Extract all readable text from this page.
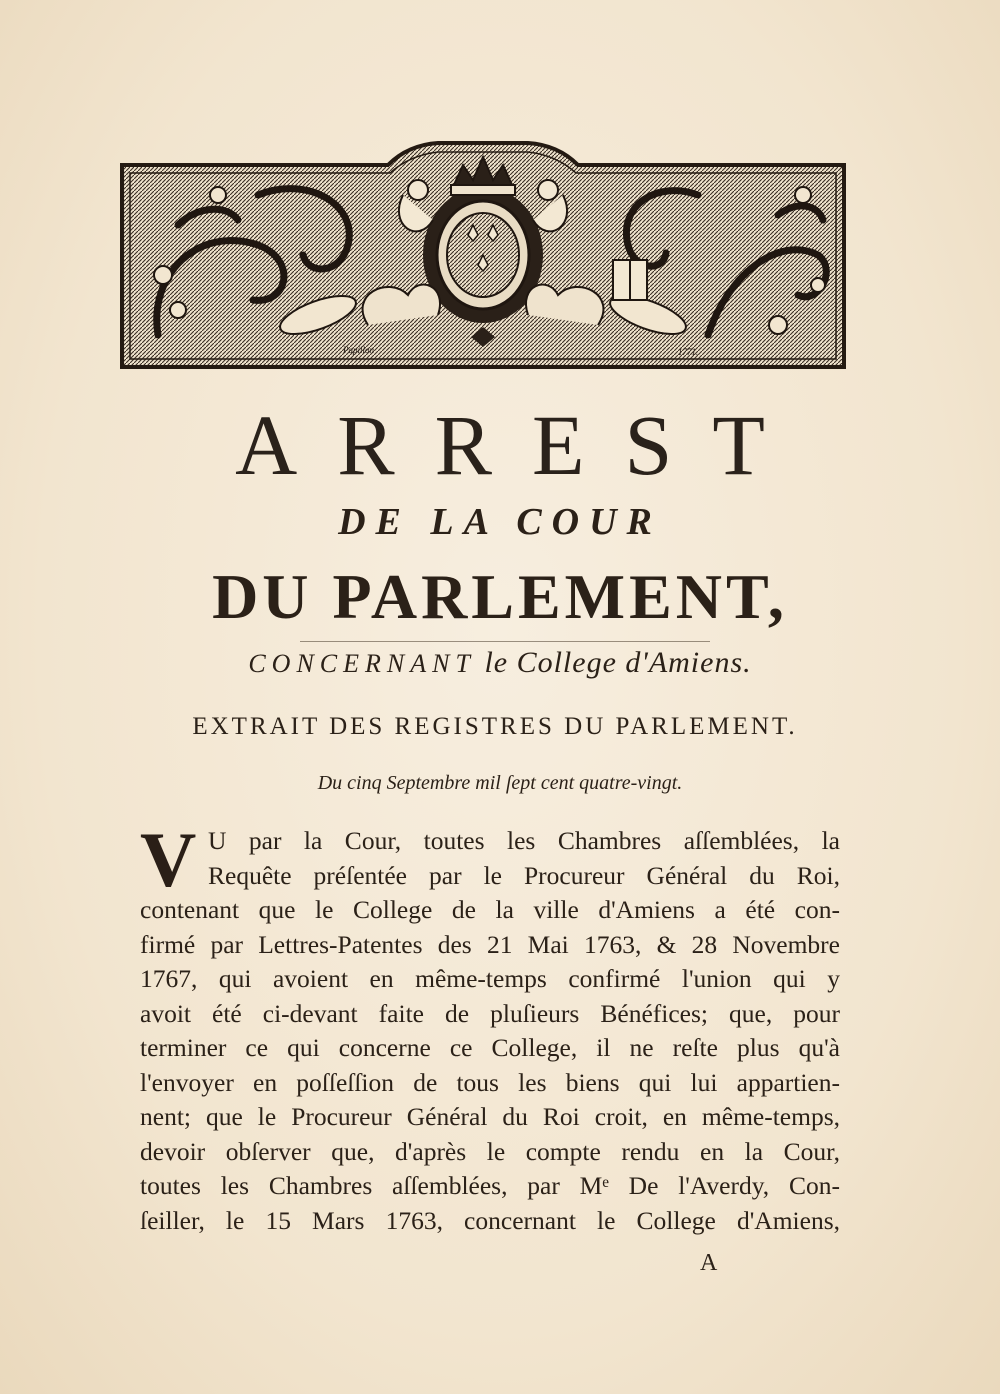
Papillon	1771.
ARREST
DE LA COUR
DU PARLEMENT,
CONCERNANT le College d'Amiens.
EXTRAIT DES REGISTRES DU PARLEMENT.
Du cinq Septembre mil ſept cent quatre-vingt.
V U par la Cour, toutes les Chambres aſſemblées, la
Requête préſentée par le Procureur Général du Roi,
contenant que le College de la ville d'Amiens a été con-
firmé par Lettres-Patentes des 21 Mai 1763, & 28 Novembre
1767, qui avoient en même-temps confirmé l'union qui y
avoit été ci-devant faite de pluſieurs Bénéfices; que, pour
terminer ce qui concerne ce College, il ne reſte plus qu'à
l'envoyer en poſſeſſion de tous les biens qui lui appartien-
nent; que le Procureur Général du Roi croit, en même-temps,
devoir obſerver que, d'après le compte rendu en la Cour,
toutes les Chambres aſſemblées, par Mᵉ De l'Averdy, Con-
ſeiller, le 15 Mars 1763, concernant le College d'Amiens,
A
